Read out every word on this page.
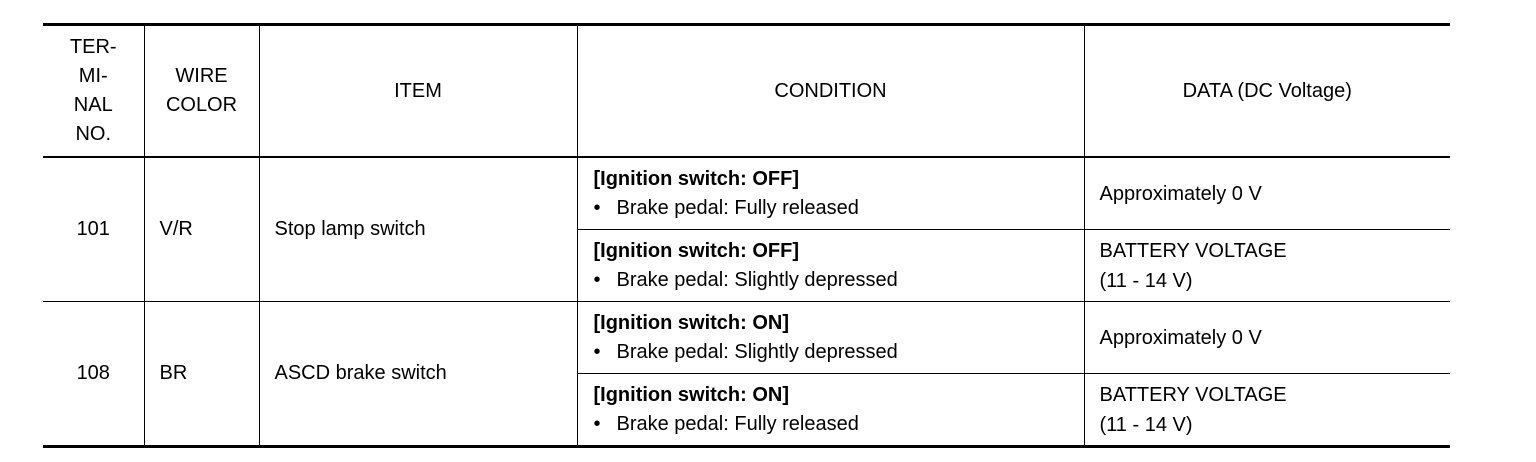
TER-
MI-
NAL
NO.	WIRE
COLOR	ITEM	CONDITION	DATA (DC Voltage)
101	V/R	Stop lamp switch	[Ignition switch: OFF]
• Brake pedal: Fully released	Approximately 0 V

			[Ignition switch: OFF]
• Brake pedal: Slightly depressed	BATTERY VOLTAGE
(11 - 14 V)

108	BR	ASCD brake switch	[Ignition switch: ON]
• Brake pedal: Slightly depressed	Approximately 0 V

			[Ignition switch: ON]
• Brake pedal: Fully released	BATTERY VOLTAGE
(11 - 14 V)
